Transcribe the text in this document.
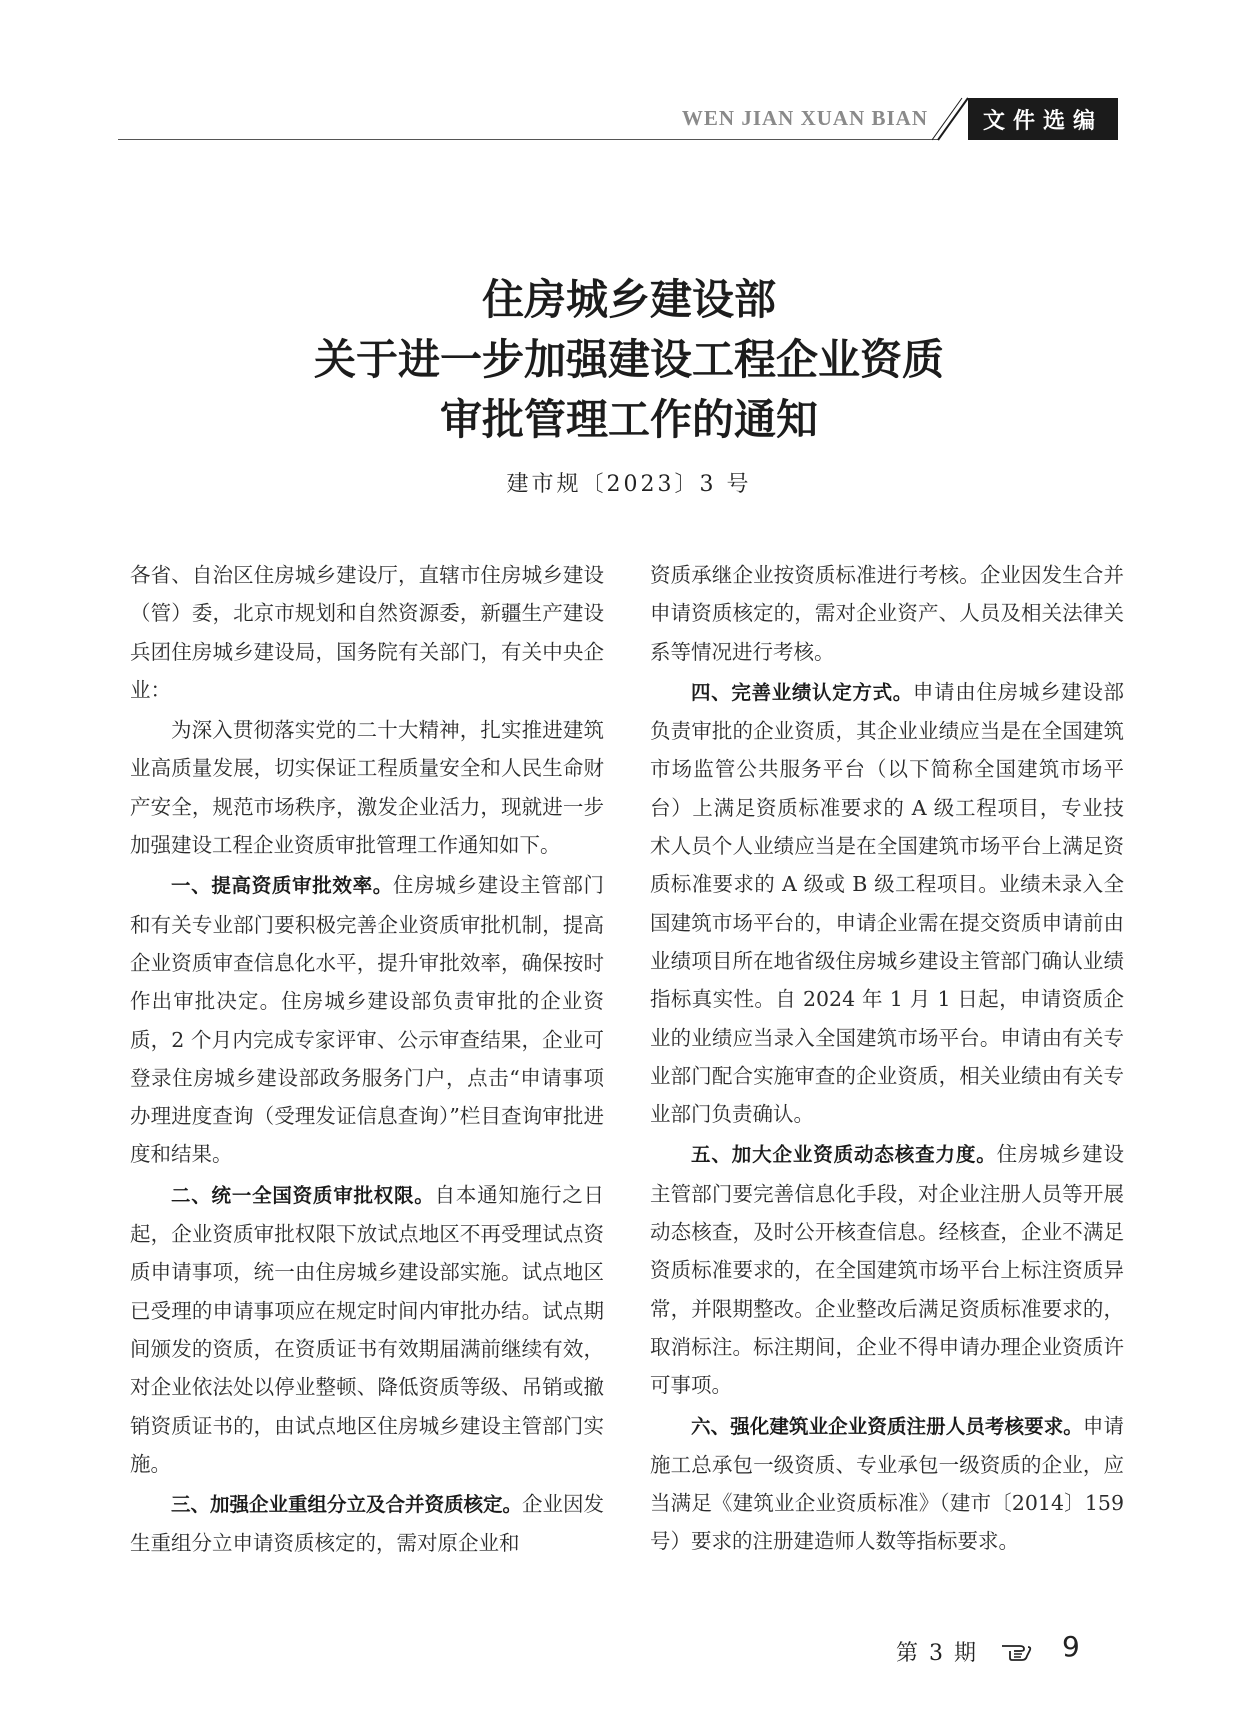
WEN JIAN XUAN BIAN	文件选编
住房城乡建设部
关于进一步加强建设工程企业资质
审批管理工作的通知
建市规〔2023〕3 号

各省、自治区住房城乡建设厅，直辖市住房城乡建设（管）委，北京市规划和自然资源委，新疆生产建设兵团住房城乡建设局，国务院有关部门，有关中央企业：

为深入贯彻落实党的二十大精神，扎实推进建筑业高质量发展，切实保证工程质量安全和人民生命财产安全，规范市场秩序，激发企业活力，现就进一步加强建设工程企业资质审批管理工作通知如下。

一、提高资质审批效率。住房城乡建设主管部门和有关专业部门要积极完善企业资质审批机制，提高企业资质审查信息化水平，提升审批效率，确保按时作出审批决定。住房城乡建设部负责审批的企业资质，2 个月内完成专家评审、公示审查结果，企业可登录住房城乡建设部政务服务门户，点击“申请事项办理进度查询（受理发证信息查询）”栏目查询审批进度和结果。

二、统一全国资质审批权限。自本通知施行之日起，企业资质审批权限下放试点地区不再受理试点资质申请事项，统一由住房城乡建设部实施。试点地区已受理的申请事项应在规定时间内审批办结。试点期间颁发的资质，在资质证书有效期届满前继续有效，对企业依法处以停业整顿、降低资质等级、吊销或撤销资质证书的，由试点地区住房城乡建设主管部门实施。

三、加强企业重组分立及合并资质核定。企业因发生重组分立申请资质核定的，需对原企业和

资质承继企业按资质标准进行考核。企业因发生合并申请资质核定的，需对企业资产、人员及相关法律关系等情况进行考核。

四、完善业绩认定方式。申请由住房城乡建设部负责审批的企业资质，其企业业绩应当是在全国建筑市场监管公共服务平台（以下简称全国建筑市场平台）上满足资质标准要求的 A 级工程项目，专业技术人员个人业绩应当是在全国建筑市场平台上满足资质标准要求的 A 级或 B 级工程项目。业绩未录入全国建筑市场平台的，申请企业需在提交资质申请前由业绩项目所在地省级住房城乡建设主管部门确认业绩指标真实性。自 2024 年 1 月 1 日起，申请资质企业的业绩应当录入全国建筑市场平台。申请由有关专业部门配合实施审查的企业资质，相关业绩由有关专业部门负责确认。

五、加大企业资质动态核查力度。住房城乡建设主管部门要完善信息化手段，对企业注册人员等开展动态核查，及时公开核查信息。经核查，企业不满足资质标准要求的，在全国建筑市场平台上标注资质异常，并限期整改。企业整改后满足资质标准要求的，取消标注。标注期间，企业不得申请办理企业资质许可事项。

六、强化建筑业企业资质注册人员考核要求。申请施工总承包一级资质、专业承包一级资质的企业，应当满足《建筑业企业资质标准》（建市〔2014〕159 号）要求的注册建造师人数等指标要求。

第 3 期	9
